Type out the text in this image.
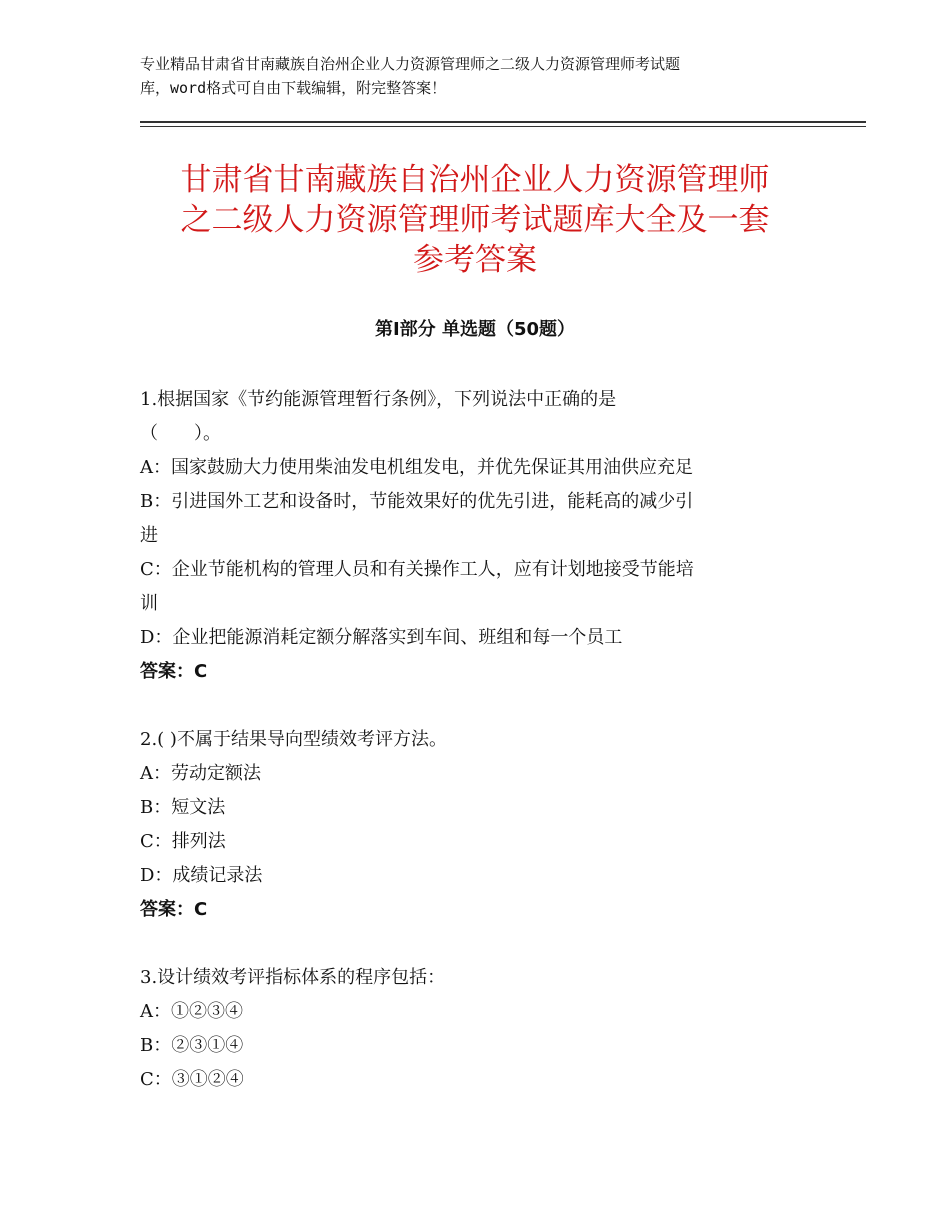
专业精品甘肃省甘南藏族自治州企业人力资源管理师之二级人力资源管理师考试题
库，word格式可自由下载编辑，附完整答案！
甘肃省甘南藏族自治州企业人力资源管理师
之二级人力资源管理师考试题库大全及一套
参考答案
第Ⅰ部分 单选题（50题）
1.根据国家《节约能源管理暂行条例》，下列说法中正确的是
（　　）。
A：国家鼓励大力使用柴油发电机组发电，并优先保证其用油供应充足
B：引进国外工艺和设备时，节能效果好的优先引进，能耗高的减少引
进
C：企业节能机构的管理人员和有关操作工人，应有计划地接受节能培
训
D：企业把能源消耗定额分解落实到车间、班组和每一个员工
答案：C
2.( )不属于结果导向型绩效考评方法。
A：劳动定额法
B：短文法
C：排列法
D：成绩记录法
答案：C
3.设计绩效考评指标体系的程序包括：
A：①②③④
B：②③①④
C：③①②④
